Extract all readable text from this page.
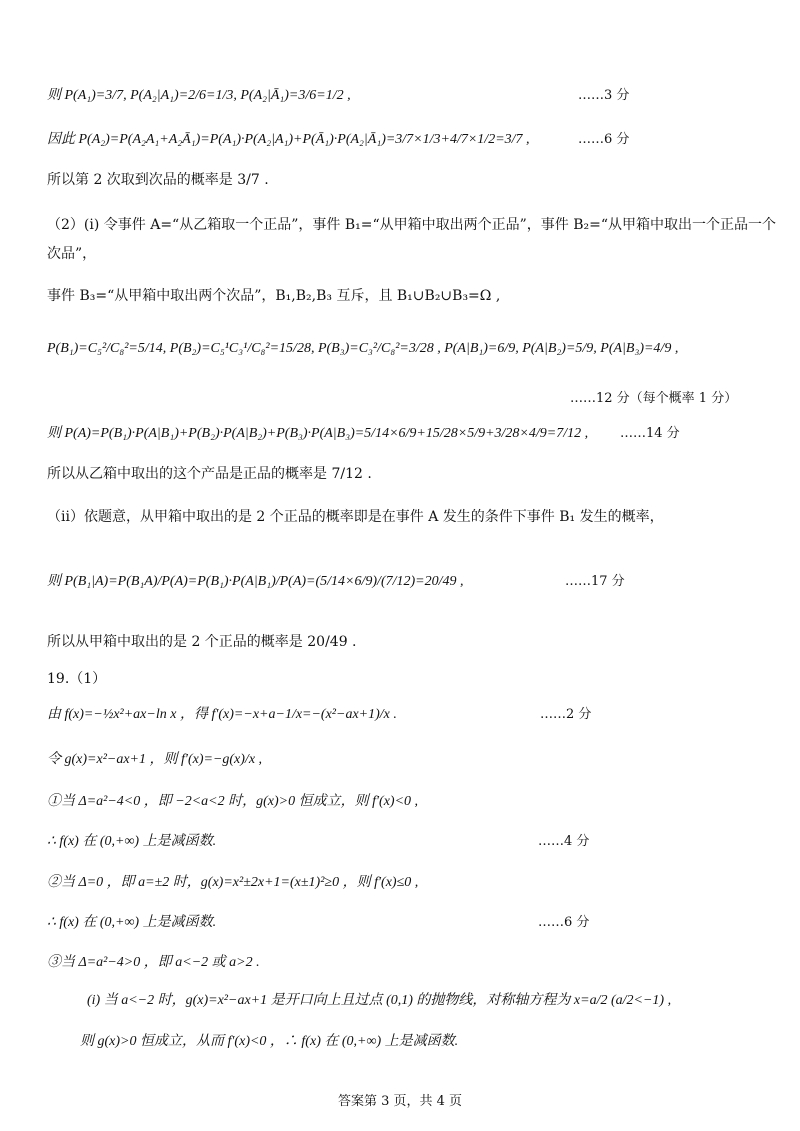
则 P(A₁)=3/7, P(A₂|A₁)=2/6=1/3, P(A₂|Ā₁)=3/6=1/2 ,	……3 分
因此 P(A₂)=P(A₂A₁+A₂Ā₁)=P(A₁)·P(A₂|A₁)+P(Ā₁)·P(A₂|Ā₁)=3/7×1/3+4/7×1/2=3/7 ,	……6 分
所以第 2 次取到次品的概率是 3/7 .
（2）(i) 令事件 A=“从乙箱取一个正品”，事件 B₁=“从甲箱中取出两个正品”，事件 B₂=“从甲箱中取出一个正品一个
次品”，
事件 B₃=“从甲箱中取出两个次品”，B₁,B₂,B₃ 互斥，且 B₁∪B₂∪B₃=Ω ,
P(B₁)=C₅²/C₈²=5/14, P(B₂)=C₅¹C₃¹/C₈²=15/28, P(B₃)=C₃²/C₈²=3/28 , P(A|B₁)=6/9, P(A|B₂)=5/9, P(A|B₃)=4/9 ,
……12 分（每个概率 1 分）
则 P(A)=P(B₁)·P(A|B₁)+P(B₂)·P(A|B₂)+P(B₃)·P(A|B₃)=5/14×6/9+15/28×5/9+3/28×4/9=7/12 , ……14 分
所以从乙箱中取出的这个产品是正品的概率是 7/12 .
（ii）依题意，从甲箱中取出的是 2 个正品的概率即是在事件 A 发生的条件下事件 B₁ 发生的概率，
则 P(B₁|A)=P(B₁A)/P(A)=P(B₁)·P(A|B₁)/P(A)=(5/14×6/9)/(7/12)=20/49 ,	……17 分
所以从甲箱中取出的是 2 个正品的概率是 20/49 .
19.（1）
由 f(x)=−½x²+ax−ln x ，得 f′(x)=−x+a−1/x=−(x²−ax+1)/x .	……2 分
令 g(x)=x²−ax+1 ，则 f′(x)=−g(x)/x ,
①当 Δ=a²−4<0 ，即 −2<a<2 时，g(x)>0 恒成立，则 f′(x)<0 ,
∴ f(x) 在 (0,+∞) 上是减函数.	……4 分
②当 Δ=0 ，即 a=±2 时，g(x)=x²±2x+1=(x±1)²≥0 ，则 f′(x)≤0 ,
∴ f(x) 在 (0,+∞) 上是减函数.	……6 分
③当 Δ=a²−4>0 ，即 a<−2 或 a>2 .
(i) 当 a<−2 时，g(x)=x²−ax+1 是开口向上且过点 (0,1) 的抛物线，对称轴方程为 x=a/2 (a/2<−1) ,
则 g(x)>0 恒成立，从而 f′(x)<0 ，∴ f(x) 在 (0,+∞) 上是减函数.
答案第 3 页，共 4 页
